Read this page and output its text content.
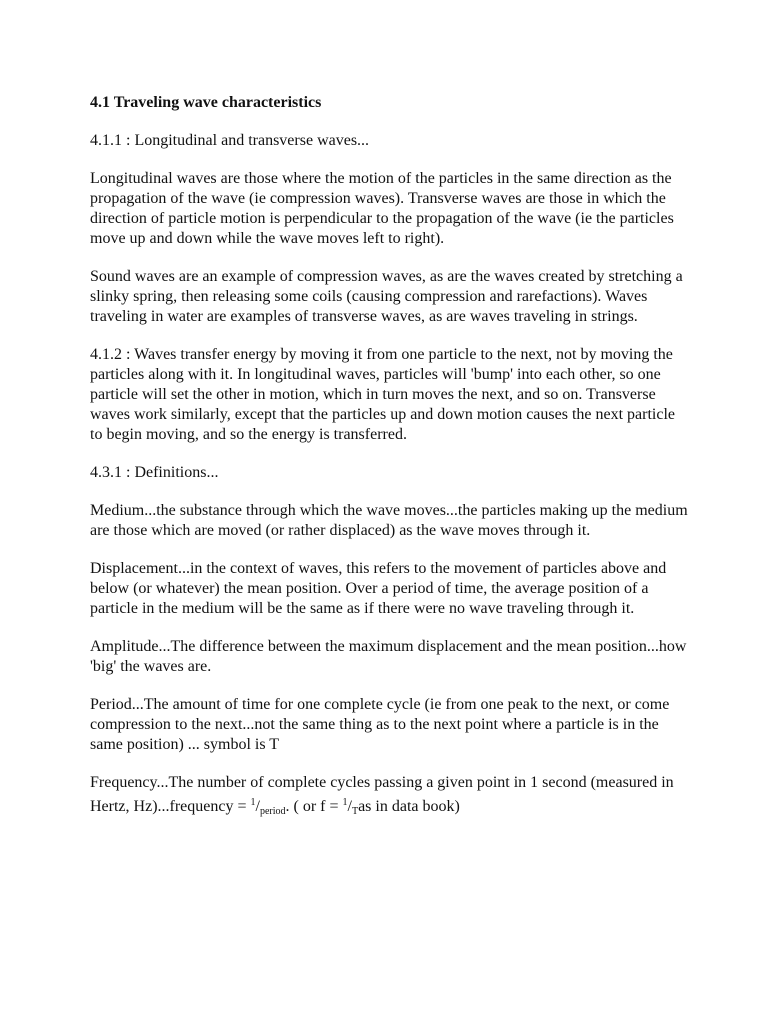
4.1 Traveling wave characteristics
4.1.1 : Longitudinal and transverse waves...
Longitudinal waves are those where the motion of the particles in the same direction as the propagation of the wave (ie compression waves). Transverse waves are those in which the direction of particle motion is perpendicular to the propagation of the wave (ie the particles move up and down while the wave moves left to right).
Sound waves are an example of compression waves, as are the waves created by stretching a slinky spring, then releasing some coils (causing compression and rarefactions). Waves traveling in water are examples of transverse waves, as are waves traveling in strings.
4.1.2 : Waves transfer energy by moving it from one particle to the next, not by moving the particles along with it. In longitudinal waves, particles will 'bump' into each other, so one particle will set the other in motion, which in turn moves the next, and so on. Transverse waves work similarly, except that the particles up and down motion causes the next particle to begin moving, and so the energy is transferred.
4.3.1 : Definitions...
Medium...the substance through which the wave moves...the particles making up the medium are those which are moved (or rather displaced) as the wave moves through it.
Displacement...in the context of waves, this refers to the movement of particles above and below (or whatever) the mean position. Over a period of time, the average position of a particle in the medium will be the same as if there were no wave traveling through it.
Amplitude...The difference between the maximum displacement and the mean position...how 'big' the waves are.
Period...The amount of time for one complete cycle (ie from one peak to the next, or come compression to the next...not the same thing as to the next point where a particle is in the same position) ... symbol is T
Frequency...The number of complete cycles passing a given point in 1 second (measured in Hertz, Hz)...frequency = $^1/_{period}$. ( or $f = ^1/_Tas$ in data book)
